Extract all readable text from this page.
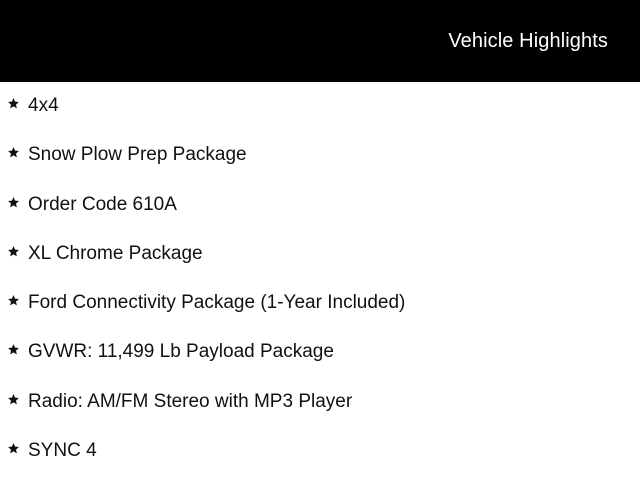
Vehicle Highlights
4x4
Snow Plow Prep Package
Order Code 610A
XL Chrome Package
Ford Connectivity Package (1-Year Included)
GVWR: 11,499 Lb Payload Package
Radio: AM/FM Stereo with MP3 Player
SYNC 4
